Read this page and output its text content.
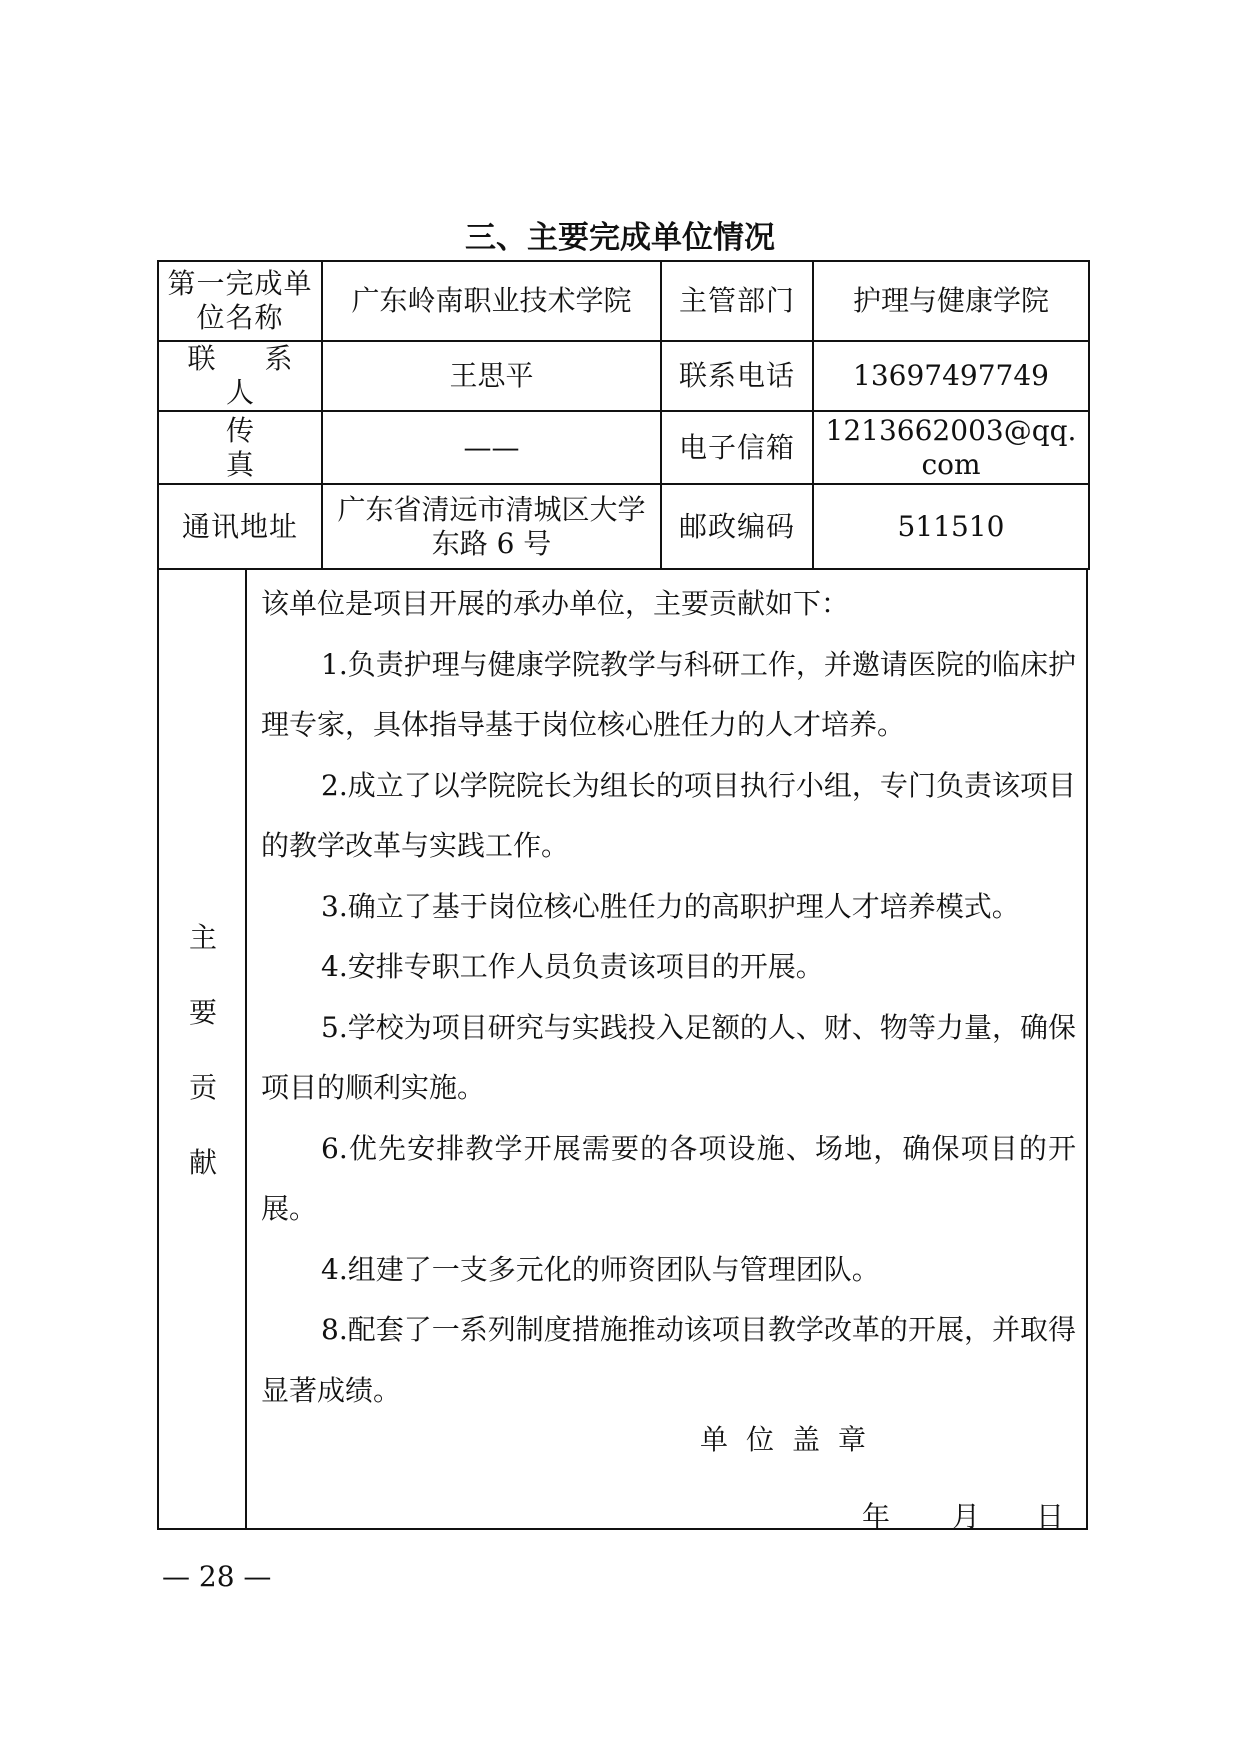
三、主要完成单位情况
第一完成单位名称	广东岭南职业技术学院	主管部门	护理与健康学院
联 系 人	王思平	联系电话	13697497749
传 真	——	电子信箱	1213662003@qq.com
通讯地址	广东省清远市清城区大学东路 6 号	邮政编码	511510
主
要
贡
献

该单位是项目开展的承办单位，主要贡献如下：

1.负责护理与健康学院教学与科研工作，并邀请医院的临床护理专家，具体指导基于岗位核心胜任力的人才培养。

2.成立了以学院院长为组长的项目执行小组，专门负责该项目的教学改革与实践工作。

3.确立了基于岗位核心胜任力的高职护理人才培养模式。

4.安排专职工作人员负责该项目的开展。

5.学校为项目研究与实践投入足额的人、财、物等力量，确保项目的顺利实施。

6.优先安排教学开展需要的各项设施、场地，确保项目的开展。

4.组建了一支多元化的师资团队与管理团队。

8.配套了一系列制度措施推动该项目教学改革的开展，并取得显著成绩。

单位盖章
年 月 日
— 28 —
